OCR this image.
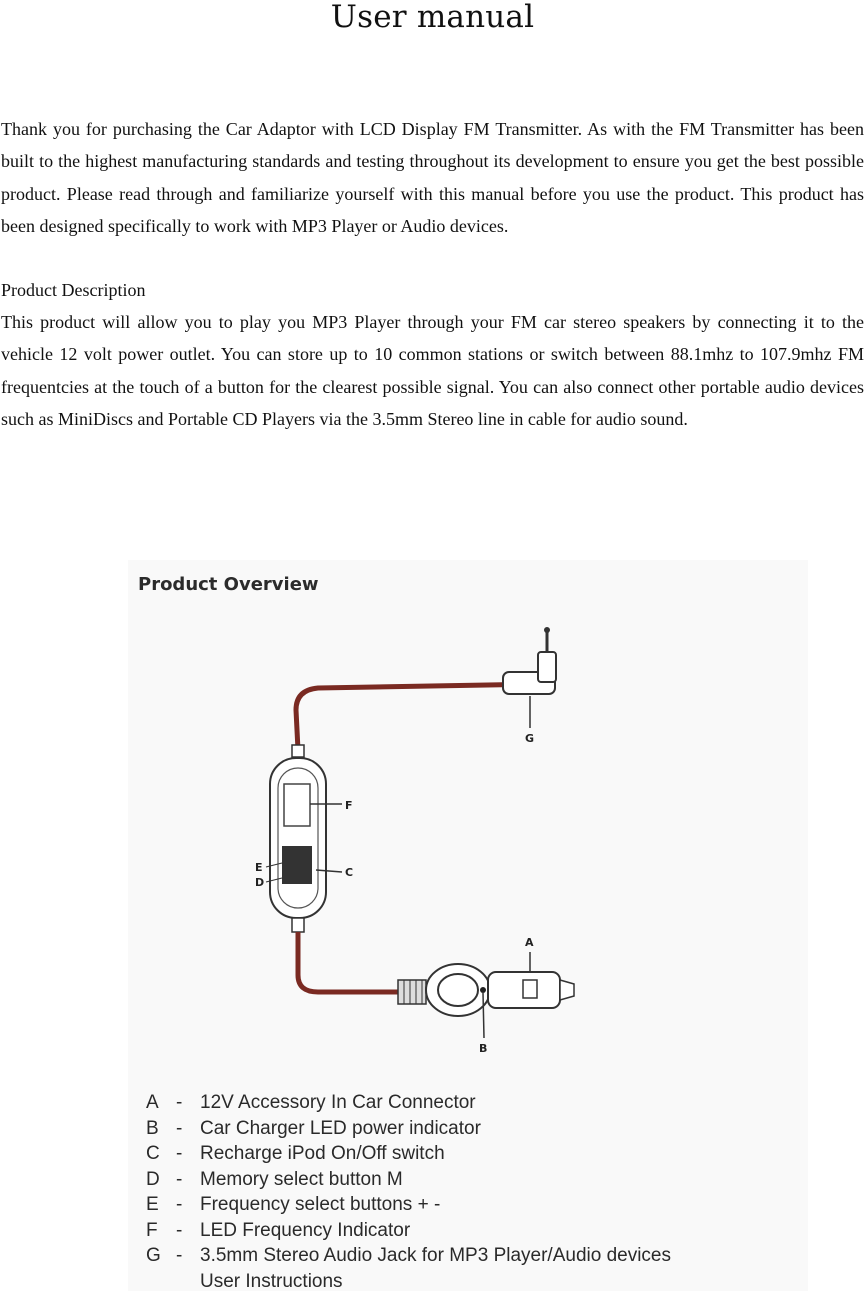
User manual
Thank you for purchasing the Car Adaptor with LCD Display FM Transmitter. As with the FM Transmitter has been built to the highest manufacturing standards and testing throughout its development to ensure you get the best possible product. Please read through and familiarize yourself with this manual before you use the product. This product has been designed specifically to work with MP3 Player or Audio devices.
Product Description
This product will allow you to play you MP3 Player through your FM car stereo speakers by connecting it to the vehicle 12 volt power outlet. You can store up to 10 common stations or switch between 88.1mhz to 107.9mhz FM frequentcies at the touch of a button for the clearest possible signal. You can also connect other portable audio devices such as MiniDiscs and Portable CD Players via the 3.5mm Stereo line in cable for audio sound.
Product Overview
G
F
C
E
D
A
B
A - 12V Accessory In Car Connector
B - Car Charger LED power indicator
C - Recharge iPod On/Off switch
D - Memory select button M
E - Frequency select buttons + -
F - LED Frequency Indicator
G - 3.5mm Stereo Audio Jack for MP3 Player/Audio devices
User Instructions
